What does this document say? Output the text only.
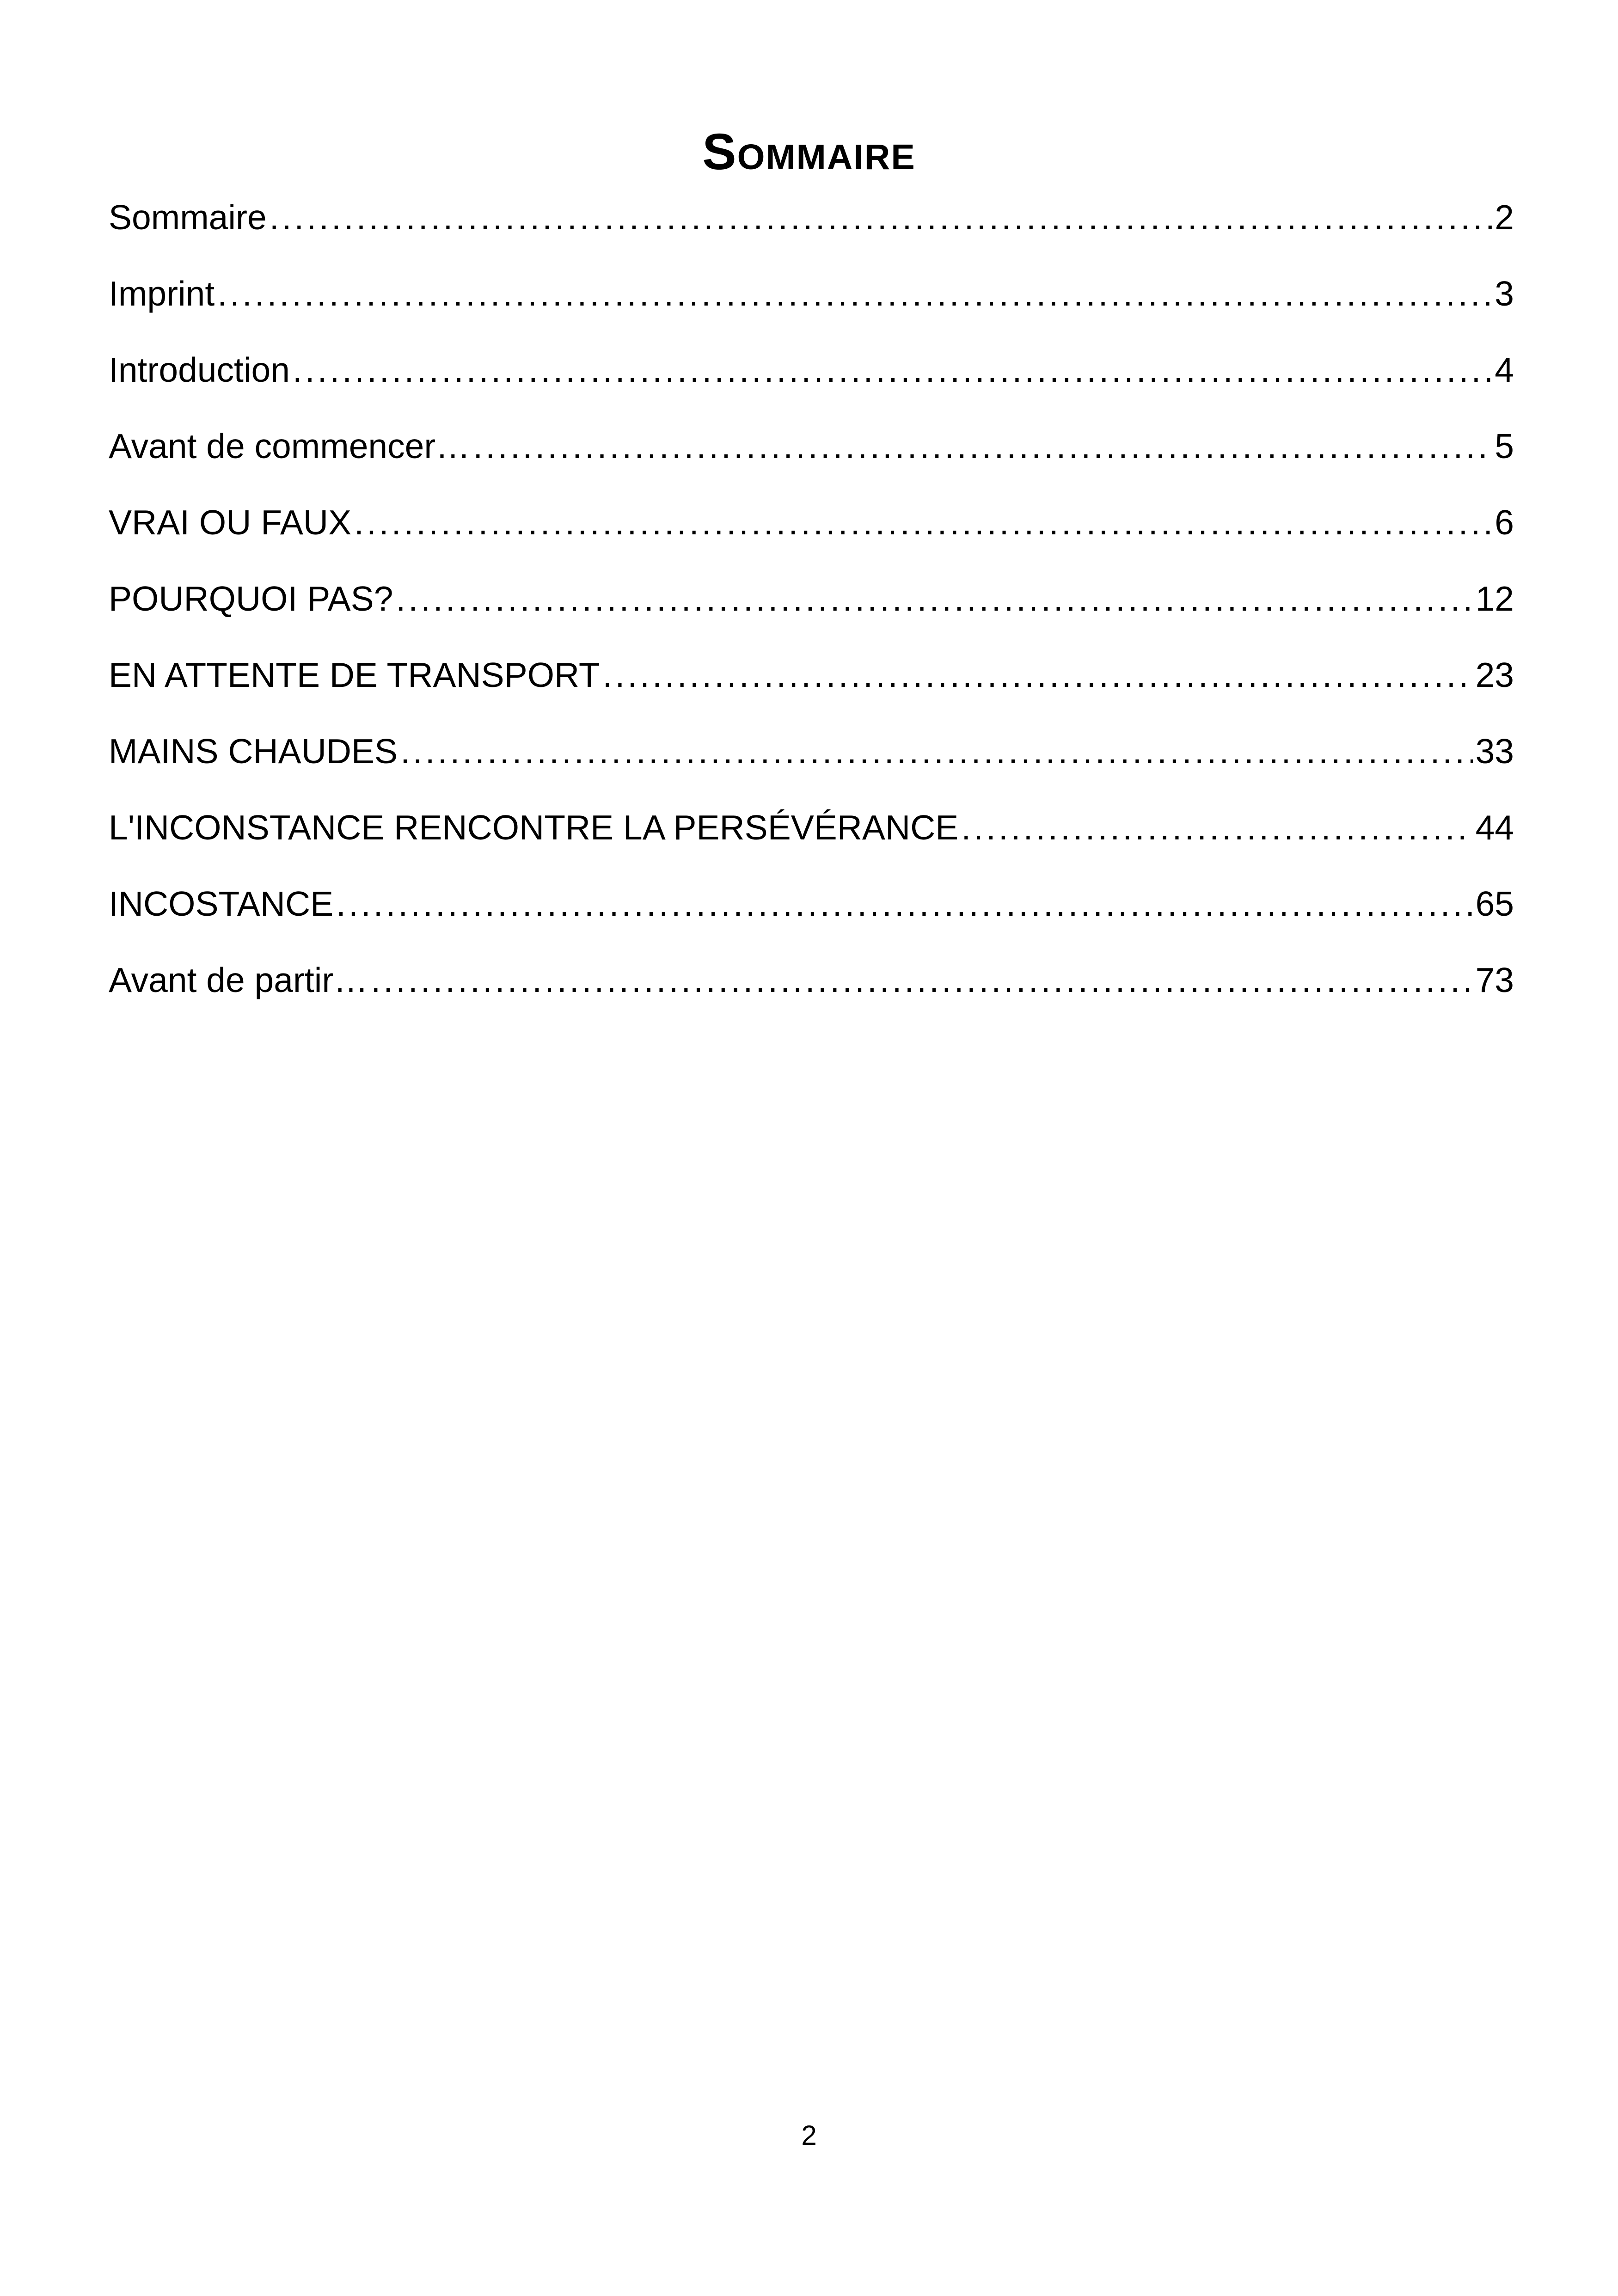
Sommaire
Sommaire .....	2
Imprint .....	3
Introduction .....	4
Avant de commencer… .....	5
VRAI OU FAUX .....	6
POURQUOI PAS? .....	12
EN ATTENTE DE TRANSPORT .....	23
MAINS CHAUDES .....	33
L'INCONSTANCE RENCONTRE LA PERSÉVÉRANCE .....	44
INCOSTANCE .....	65
Avant de partir… .....	73
2
